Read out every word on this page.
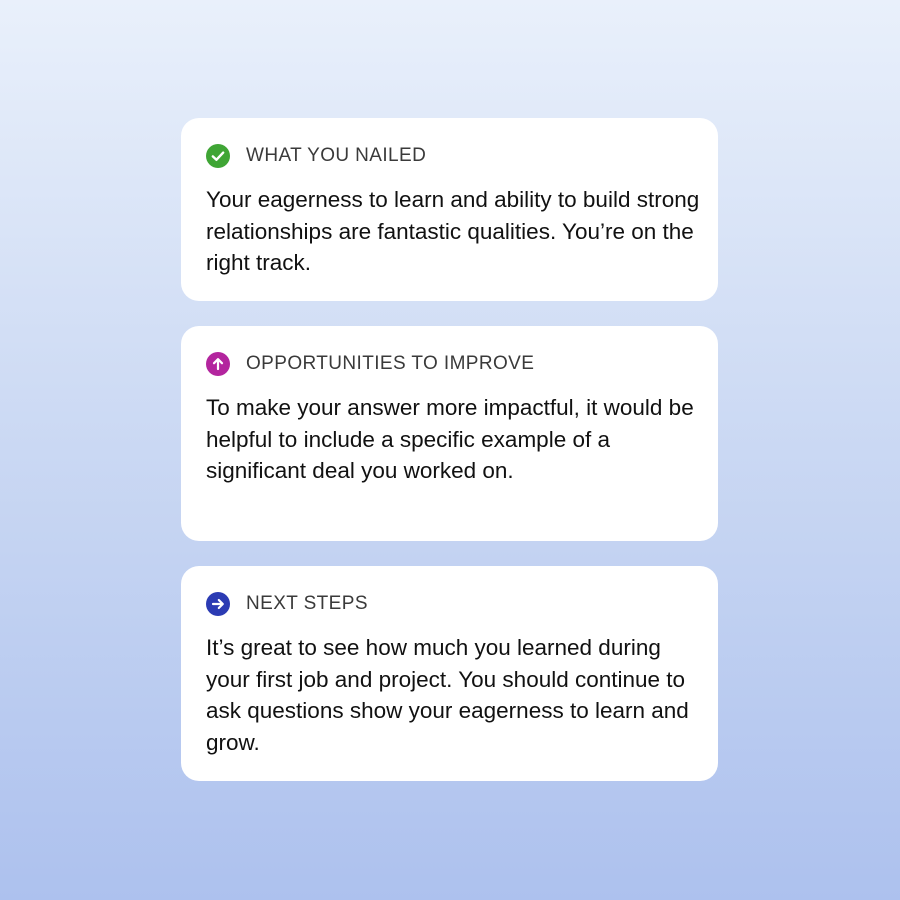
WHAT YOU NAILED

Your eagerness to learn and ability to build strong relationships are fantastic qualities. You’re on the right track.

OPPORTUNITIES TO IMPROVE

To make your answer more impactful, it would be helpful to include a specific example of a significant deal you worked on.

NEXT STEPS

It’s great to see how much you learned during your first job and project. You should continue to ask questions show your eagerness to learn and grow.
